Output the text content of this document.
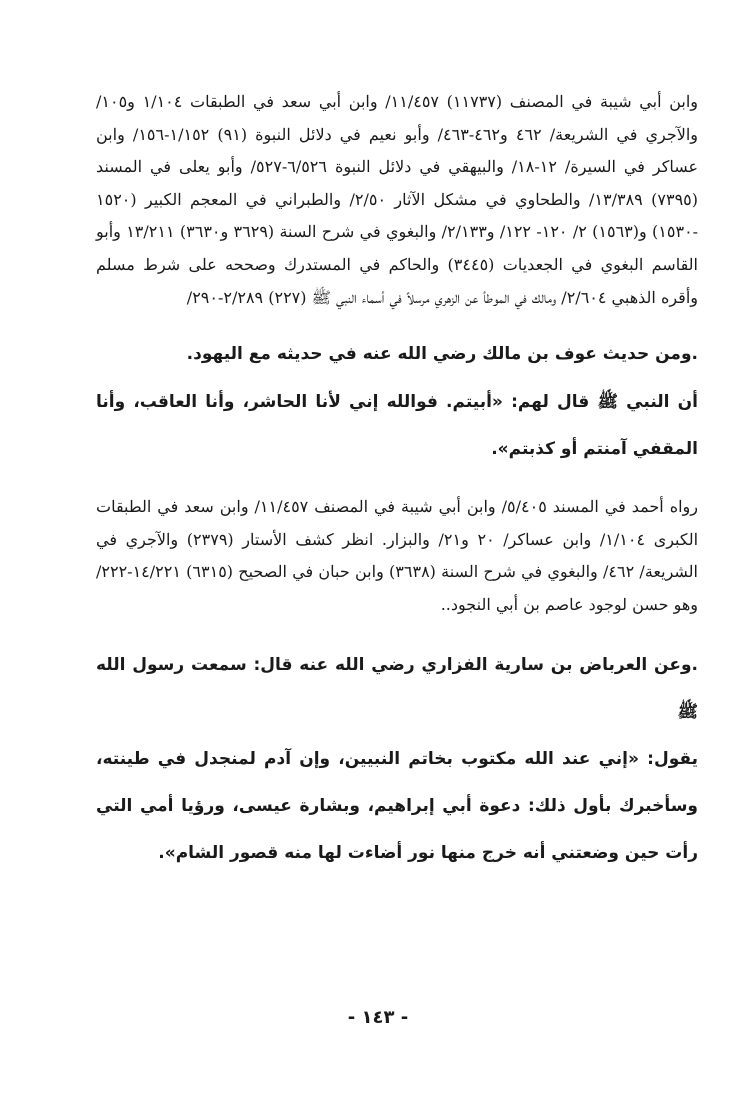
وابن أبي شيبة في المصنف (١١٧٣٧) ١١/٤٥٧/ وابن أبي سعد في الطبقات ١/١٠٤ و١٠٥/ والآجري في الشريعة/ ٤٦٢ و٤٦٢-٤٦٣/ وأبو نعيم في دلائل النبوة (٩١) ١/١٥٢-١٥٦/ وابن عساكر في السيرة/ ١٢-١٨/ والبيهقي في دلائل النبوة ٦/٥٢٦-٥٢٧/ وأبو يعلى في المسند (٧٣٩٥) ١٣/٣٨٩/ والطحاوي في مشكل الآثار ٢/٥٠/ والطبراني في المعجم الكبير (١٥٢٠ -١٥٣٠) و(١٥٦٣) ٢/ ١٢٠- ١٢٢/ و٢/١٣٣/ والبغوي في شرح السنة (٣٦٢٩ و٣٦٣٠) ١٣/٢١١ وأبو القاسم البغوي في الجعديات (٣٤٤٥) والحاكم في المستدرك وصححه على شرط مسلم وأقره الذهبي ٢/٦٠٤/ ومالك في الموطأ عن الزهري مرسلاً في أسماء النبي ﷺ (٢٢٧) ٢/٢٨٩-٢٩٠/

.ومن حديث عوف بن مالك رضي الله عنه في حديثه مع اليهود.

أن النبي ﷺ قال لهم: «أبيتم. فوالله إني لأنا الحاشر، وأنا العاقب، وأنا المقفي آمنتم أو كذبتم».

رواه أحمد في المسند ٥/٤٠٥/ وابن أبي شيبة في المصنف ١١/٤٥٧/ وابن سعد في الطبقات الكبرى ١/١٠٤/ وابن عساكر/ ٢٠ و٢١/ والبزار. انظر كشف الأستار (٢٣٧٩) والآجري في الشريعة/ ٤٦٢/ والبغوي في شرح السنة (٣٦٣٨) وابن حبان في الصحيح (٦٣١٥) ١٤/٢٢١-٢٢٢/ وهو حسن لوجود عاصم بن أبي النجود..

.وعن العرباض بن سارية الفزاري رضي الله عنه قال: سمعت رسول الله ﷺ

يقول: «إني عند الله مكتوب بخاتم النبيين، وإن آدم لمنجدل في طينته، وسأخبرك بأول ذلك: دعوة أبي إبراهيم، وبشارة عيسى، ورؤيا أمي التي رأت حين وضعتني أنه خرج منها نور أضاءت لها منه قصور الشام».

- ١٤٣ -
